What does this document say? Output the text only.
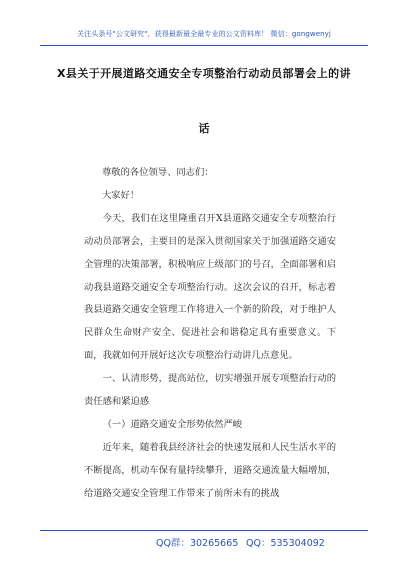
关注头条号"公文研究"，获得最新最全最专业的公文资料库！ 微信：gongwenyj
X县关于开展道路交通安全专项整治行动动员部署会上的讲
话

尊敬的各位领导、同志们：

大家好！

今天，我们在这里隆重召开X县道路交通安全专项整治行动动员部署会，主要目的是深入贯彻国家关于加强道路交通安全管理的决策部署，积极响应上级部门的号召，全面部署和启动我县道路交通安全专项整治行动。这次会议的召开，标志着我县道路交通安全管理工作将进入一个新的阶段，对于维护人民群众生命财产安全、促进社会和谐稳定具有重要意义。下面，我就如何开展好这次专项整治行动讲几点意见。

一、认清形势，提高站位，切实增强开展专项整治行动的责任感和紧迫感

（一）道路交通安全形势依然严峻

近年来，随着我县经济社会的快速发展和人民生活水平的不断提高，机动车保有量持续攀升，道路交通流量大幅增加，给道路交通安全管理工作带来了前所未有的挑战

QQ群：30265665 QQ：535304092
